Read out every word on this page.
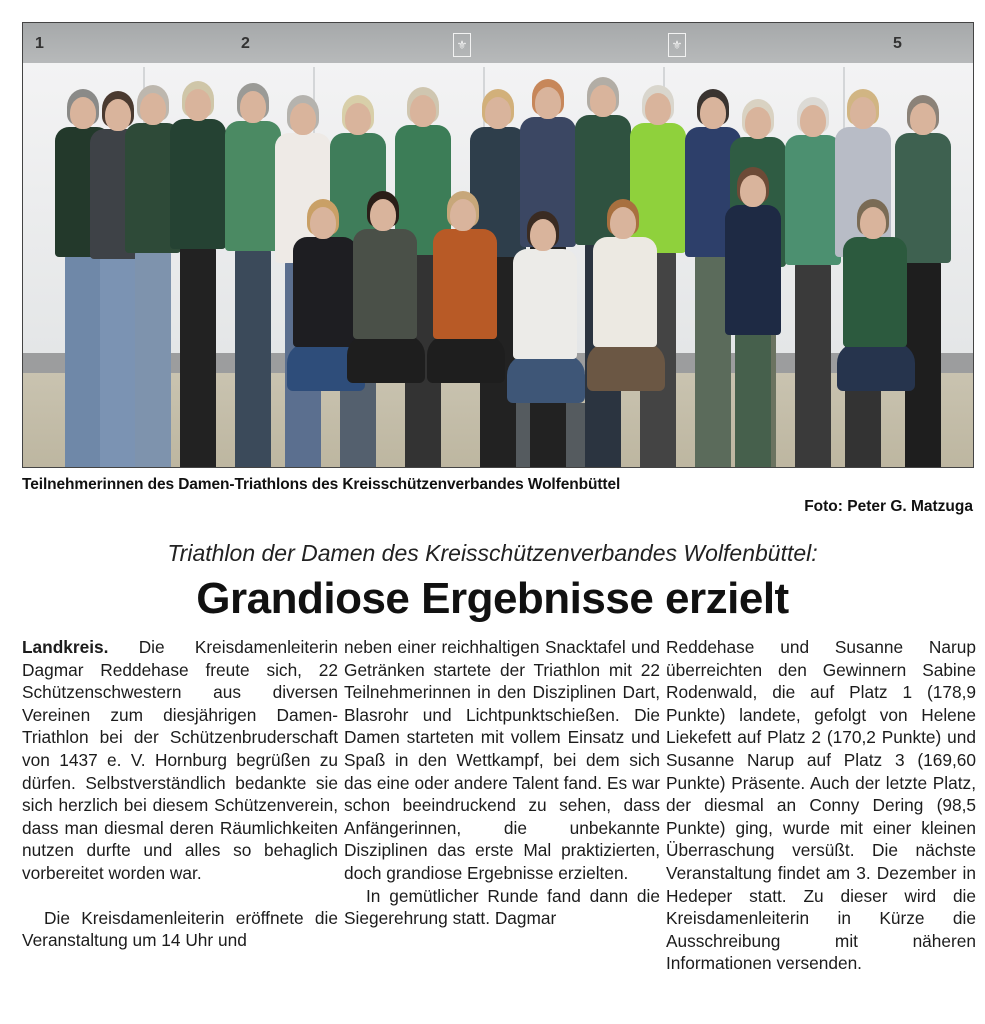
1	2	⚜	⚜	5
Teilnehmerinnen des Damen-Triathlons des Kreisschützenverbandes Wolfenbüttel
Foto: Peter G. Matzuga
Triathlon der Damen des Kreisschützenverbandes Wolfenbüttel:
Grandiose Ergebnisse erzielt

Landkreis. Die Kreisdamenleiterin Dagmar Reddehase freute sich, 22 Schützenschwestern aus diversen Vereinen zum diesjährigen Damen-Triathlon bei der Schützenbruderschaft von 1437 e. V. Hornburg begrüßen zu dürfen. Selbstverständlich bedankte sie sich herzlich bei diesem Schützenverein, dass man diesmal deren Räumlichkeiten nutzen durfte und alles so behaglich vorbereitet worden war.

Die Kreisdamenleiterin eröffnete die Veranstaltung um 14 Uhr und

neben einer reichhaltigen Snacktafel und Getränken startete der Triathlon mit 22 Teilnehmerinnen in den Disziplinen Dart, Blasrohr und Lichtpunktschießen. Die Damen starteten mit vollem Einsatz und Spaß in den Wettkampf, bei dem sich das eine oder andere Talent fand. Es war schon beeindruckend zu sehen, dass Anfängerinnen, die unbekannte Disziplinen das erste Mal praktizierten, doch grandiose Ergebnisse erzielten.

In gemütlicher Runde fand dann die Siegerehrung statt. Dagmar

Reddehase und Susanne Narup überreichten den Gewinnern Sabine Rodenwald, die auf Platz 1 (178,9 Punkte) landete, gefolgt von Helene Liekefett auf Platz 2 (170,2 Punkte) und Susanne Narup auf Platz 3 (169,60 Punkte) Präsente. Auch der letzte Platz, der diesmal an Conny Dering (98,5 Punkte) ging, wurde mit einer kleinen Überraschung versüßt. Die nächste Veranstaltung findet am 3. Dezember in Hedeper statt. Zu dieser wird die Kreisdamenleiterin in Kürze die Ausschreibung mit näheren Informationen versenden.
